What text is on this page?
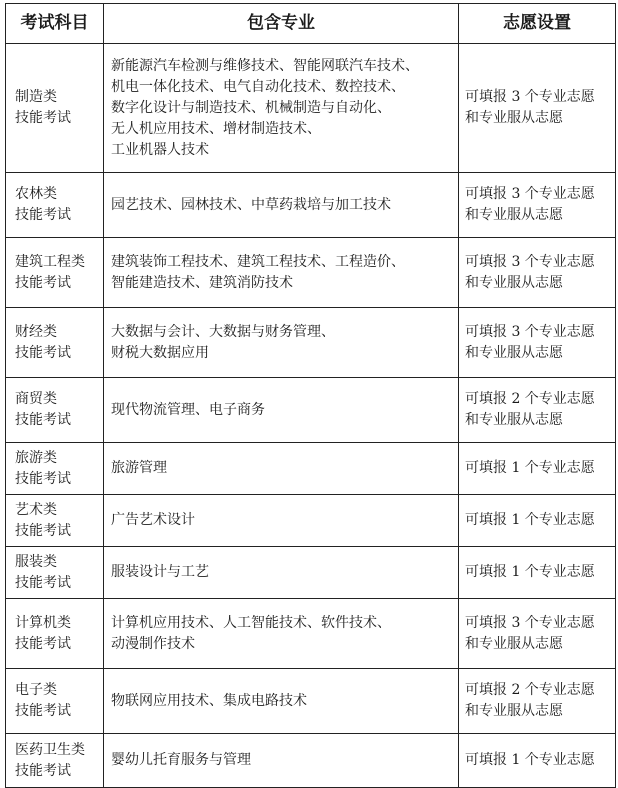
考试科目	包含专业	志愿设置

制造类
技能考试	新能源汽车检测与维修技术、智能网联汽车技术、
机电一体化技术、电气自动化技术、数控技术、
数字化设计与制造技术、机械制造与自动化、
无人机应用技术、增材制造技术、
工业机器人技术	可填报 3 个专业志愿
和专业服从志愿

农林类
技能考试	园艺技术、园林技术、中草药栽培与加工技术	可填报 3 个专业志愿
和专业服从志愿

建筑工程类
技能考试	建筑装饰工程技术、建筑工程技术、工程造价、
智能建造技术、建筑消防技术	可填报 3 个专业志愿
和专业服从志愿

财经类
技能考试	大数据与会计、大数据与财务管理、
财税大数据应用	可填报 3 个专业志愿
和专业服从志愿

商贸类
技能考试	现代物流管理、电子商务	可填报 2 个专业志愿
和专业服从志愿

旅游类
技能考试	旅游管理	可填报 1 个专业志愿

艺术类
技能考试	广告艺术设计	可填报 1 个专业志愿

服装类
技能考试	服装设计与工艺	可填报 1 个专业志愿

计算机类
技能考试	计算机应用技术、人工智能技术、软件技术、
动漫制作技术	可填报 3 个专业志愿
和专业服从志愿

电子类
技能考试	物联网应用技术、集成电路技术	可填报 2 个专业志愿
和专业服从志愿

医药卫生类
技能考试	婴幼儿托育服务与管理	可填报 1 个专业志愿
